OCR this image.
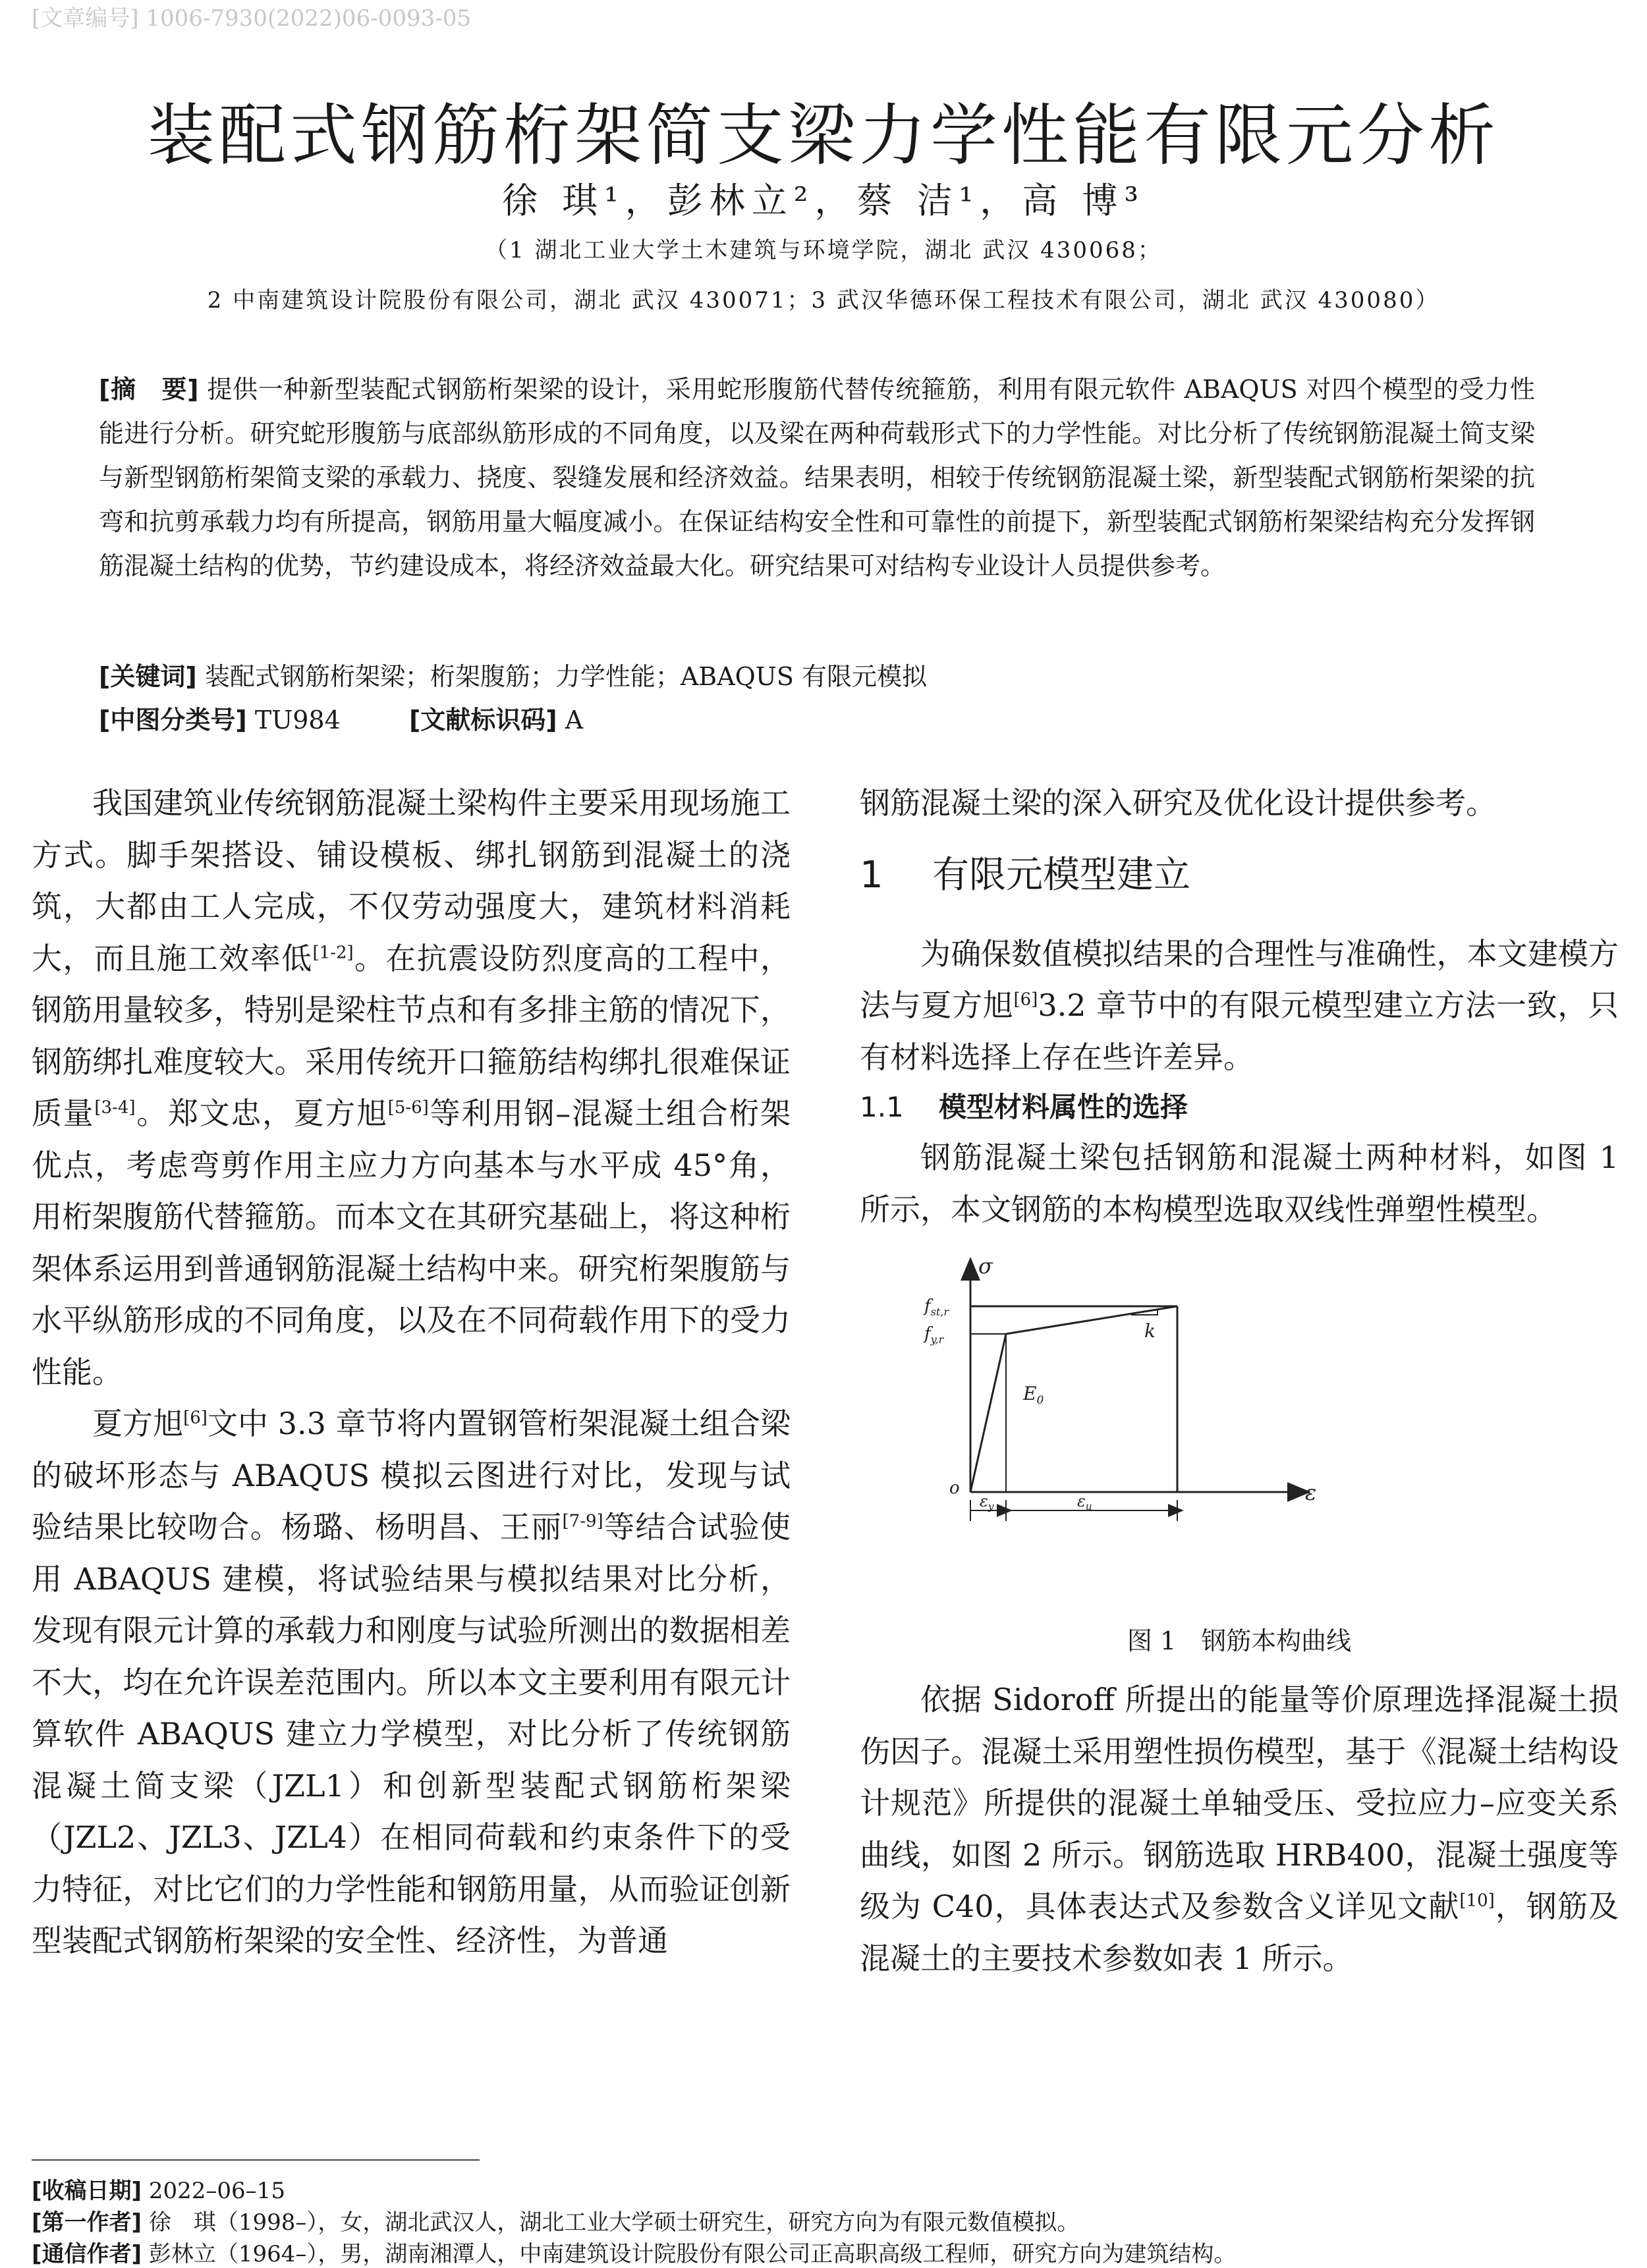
[文章编号] 1006-7930(2022)06-0093-05
装配式钢筋桁架简支梁力学性能有限元分析
徐 琪¹，彭林立²，蔡 洁¹，高 博³
（1 湖北工业大学土木建筑与环境学院，湖北 武汉 430068；
2 中南建筑设计院股份有限公司，湖北 武汉 430071；3 武汉华德环保工程技术有限公司，湖北 武汉 430080）
[摘　要] 提供一种新型装配式钢筋桁架梁的设计，采用蛇形腹筋代替传统箍筋，利用有限元软件 ABAQUS 对四个模型的受力性能进行分析。研究蛇形腹筋与底部纵筋形成的不同角度，以及梁在两种荷载形式下的力学性能。对比分析了传统钢筋混凝土简支梁与新型钢筋桁架简支梁的承载力、挠度、裂缝发展和经济效益。结果表明，相较于传统钢筋混凝土梁，新型装配式钢筋桁架梁的抗弯和抗剪承载力均有所提高，钢筋用量大幅度减小。在保证结构安全性和可靠性的前提下，新型装配式钢筋桁架梁结构充分发挥钢筋混凝土结构的优势，节约建设成本，将经济效益最大化。研究结果可对结构专业设计人员提供参考。
[关键词] 装配式钢筋桁架梁；桁架腹筋；力学性能；ABAQUS 有限元模拟
[中图分类号] TU984	[文献标识码] A

我国建筑业传统钢筋混凝土梁构件主要采用现场施工方式。脚手架搭设、铺设模板、绑扎钢筋到混凝土的浇筑，大都由工人完成，不仅劳动强度大，建筑材料消耗大，而且施工效率低[1-2]。在抗震设防烈度高的工程中，钢筋用量较多，特别是梁柱节点和有多排主筋的情况下，钢筋绑扎难度较大。采用传统开口箍筋结构绑扎很难保证质量[3-4]。郑文忠，夏方旭[5-6]等利用钢–混凝土组合桁架优点，考虑弯剪作用主应力方向基本与水平成 45°角，用桁架腹筋代替箍筋。而本文在其研究基础上，将这种桁架体系运用到普通钢筋混凝土结构中来。研究桁架腹筋与水平纵筋形成的不同角度，以及在不同荷载作用下的受力性能。

夏方旭[6]文中 3.3 章节将内置钢管桁架混凝土组合梁的破坏形态与 ABAQUS 模拟云图进行对比，发现与试验结果比较吻合。杨璐、杨明昌、王丽[7-9]等结合试验使用 ABAQUS 建模，将试验结果与模拟结果对比分析，发现有限元计算的承载力和刚度与试验所测出的数据相差不大，均在允许误差范围内。所以本文主要利用有限元计算软件 ABAQUS 建立力学模型，对比分析了传统钢筋混凝土简支梁（JZL1）和创新型装配式钢筋桁架梁（JZL2、JZL3、JZL4）在相同荷载和约束条件下的受力特征，对比它们的力学性能和钢筋用量，从而验证创新型装配式钢筋桁架梁的安全性、经济性，为普通

钢筋混凝土梁的深入研究及优化设计提供参考。

1 有限元模型建立

为确保数值模拟结果的合理性与准确性，本文建模方法与夏方旭[6]3.2 章节中的有限元模型建立方法一致，只有材料选择上存在些许差异。

1.1 模型材料属性的选择

钢筋混凝土梁包括钢筋和混凝土两种材料，如图 1 所示，本文钢筋的本构模型选取双线性弹塑性模型。

σ
ε
o
$f_{st,r}$
$f_{y,r}$	k
$E_0$
$\varepsilon_y$	$\varepsilon_u$
图 1　钢筋本构曲线

依据 Sidoroff 所提出的能量等价原理选择混凝土损伤因子。混凝土采用塑性损伤模型，基于《混凝土结构设计规范》所提供的混凝土单轴受压、受拉应力–应变关系曲线，如图 2 所示。钢筋选取 HRB400，混凝土强度等级为 C40，具体表达式及参数含义详见文献[10]，钢筋及混凝土的主要技术参数如表 1 所示。

[收稿日期] 2022–06–15
[第一作者] 徐　琪（1998–），女，湖北武汉人，湖北工业大学硕士研究生，研究方向为有限元数值模拟。
[通信作者] 彭林立（1964–），男，湖南湘潭人，中南建筑设计院股份有限公司正高职高级工程师，研究方向为建筑结构。
